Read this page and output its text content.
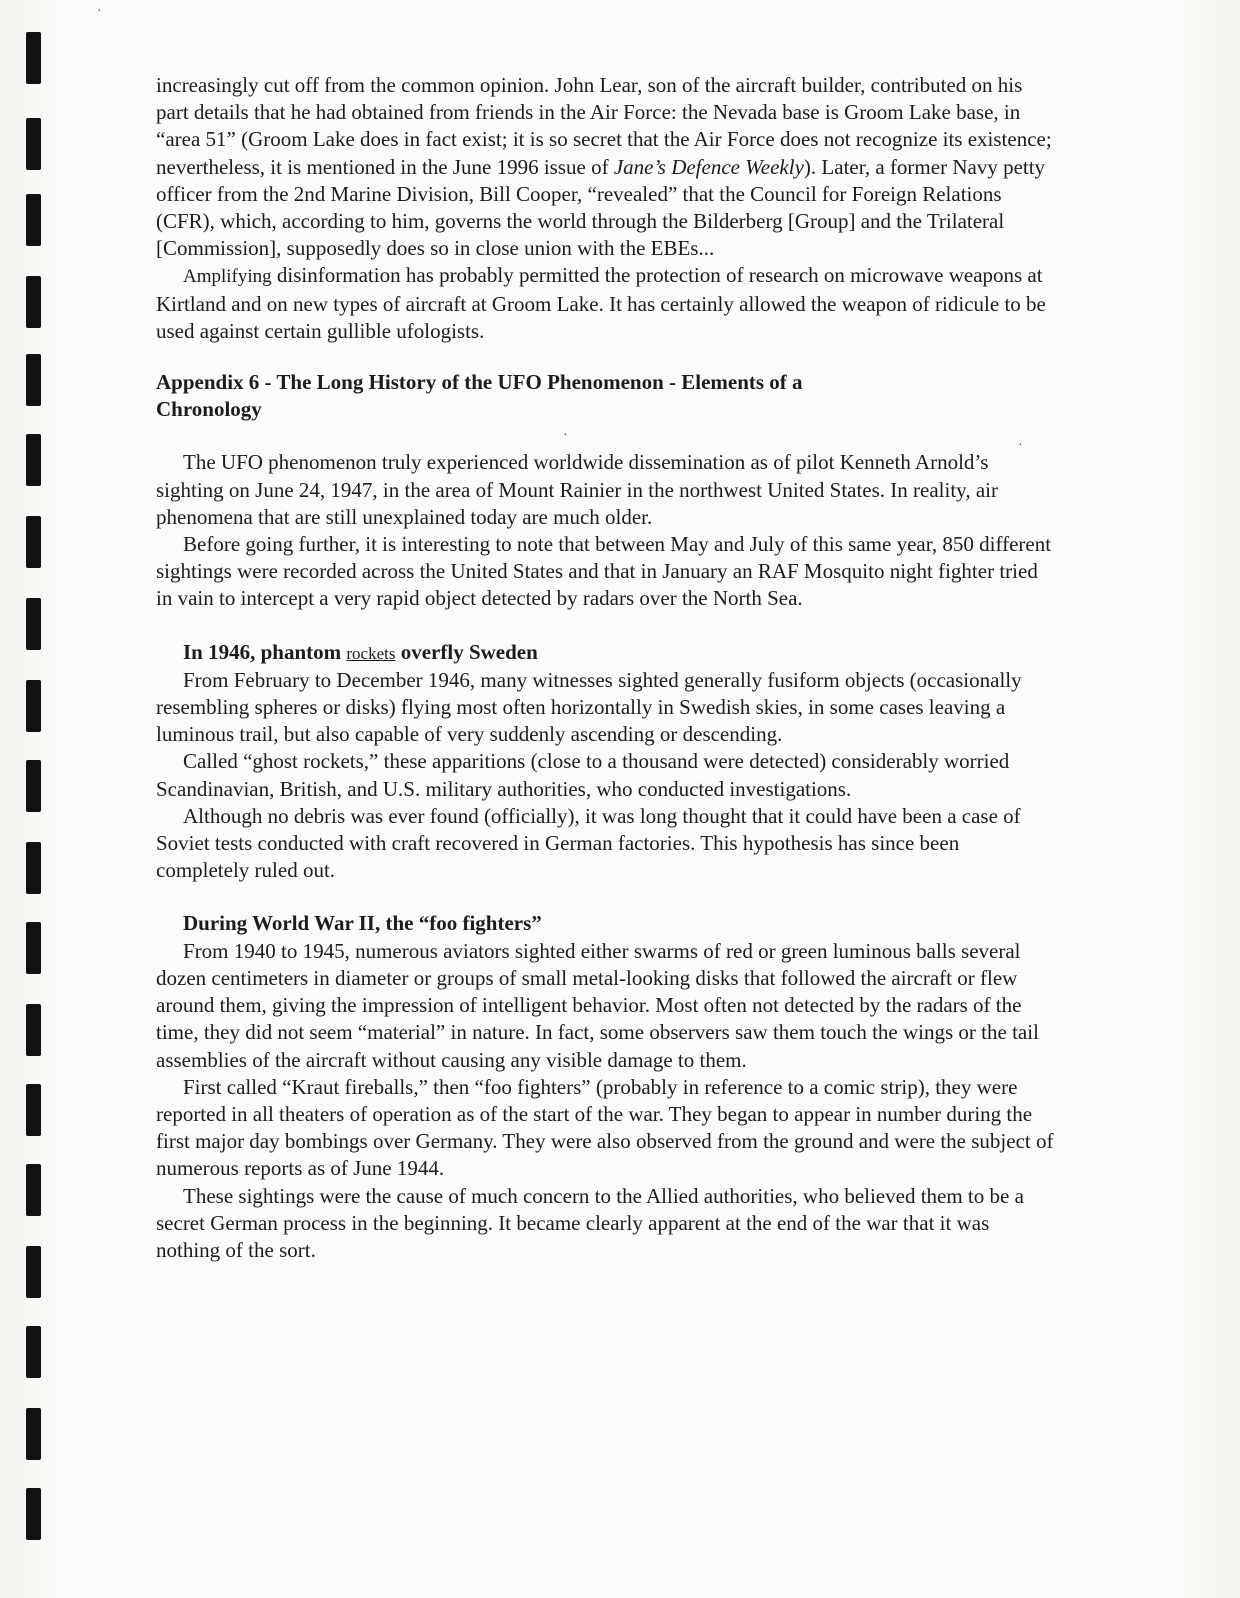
·
·
·

increasingly cut off from the common opinion. John Lear, son of the aircraft builder, contributed on his part details that he had obtained from friends in the Air Force: the Nevada base is Groom Lake base, in “area 51” (Groom Lake does in fact exist; it is so secret that the Air Force does not recognize its existence; nevertheless, it is mentioned in the June 1996 issue of Jane’s Defence Weekly). Later, a former Navy petty officer from the 2nd Marine Division, Bill Cooper, “revealed” that the Council for Foreign Relations (CFR), which, according to him, governs the world through the Bilderberg [Group] and the Trilateral [Commission], supposedly does so in close union with the EBEs...

Amplifying disinformation has probably permitted the protection of research on microwave weapons at Kirtland and on new types of aircraft at Groom Lake. It has certainly allowed the weapon of ridicule to be used against certain gullible ufologists.

Appendix 6 - The Long History of the UFO Phenomenon - Elements of a
Chronology

The UFO phenomenon truly experienced worldwide dissemination as of pilot Kenneth Arnold’s sighting on June 24, 1947, in the area of Mount Rainier in the northwest United States. In reality, air phenomena that are still unexplained today are much older.

Before going further, it is interesting to note that between May and July of this same year, 850 different sightings were recorded across the United States and that in January an RAF Mosquito night fighter tried in vain to intercept a very rapid object detected by radars over the North Sea.

In 1946, phantom rockets overfly Sweden

From February to December 1946, many witnesses sighted generally fusiform objects (occasionally resembling spheres or disks) flying most often horizontally in Swedish skies, in some cases leaving a luminous trail, but also capable of very suddenly ascending or descending.

Called “ghost rockets,” these apparitions (close to a thousand were detected) considerably worried Scandinavian, British, and U.S. military authorities, who conducted investigations.

Although no debris was ever found (officially), it was long thought that it could have been a case of Soviet tests conducted with craft recovered in German factories. This hypothesis has since been completely ruled out.

During World War II, the “foo fighters”

From 1940 to 1945, numerous aviators sighted either swarms of red or green luminous balls several dozen centimeters in diameter or groups of small metal-looking disks that followed the aircraft or flew around them, giving the impression of intelligent behavior. Most often not detected by the radars of the time, they did not seem “material” in nature. In fact, some observers saw them touch the wings or the tail assemblies of the aircraft without causing any visible damage to them.

First called “Kraut fireballs,” then “foo fighters” (probably in reference to a comic strip), they were reported in all theaters of operation as of the start of the war. They began to appear in number during the first major day bombings over Germany. They were also observed from the ground and were the subject of numerous reports as of June 1944.

These sightings were the cause of much concern to the Allied authorities, who believed them to be a secret German process in the beginning. It became clearly apparent at the end of the war that it was nothing of the sort.
